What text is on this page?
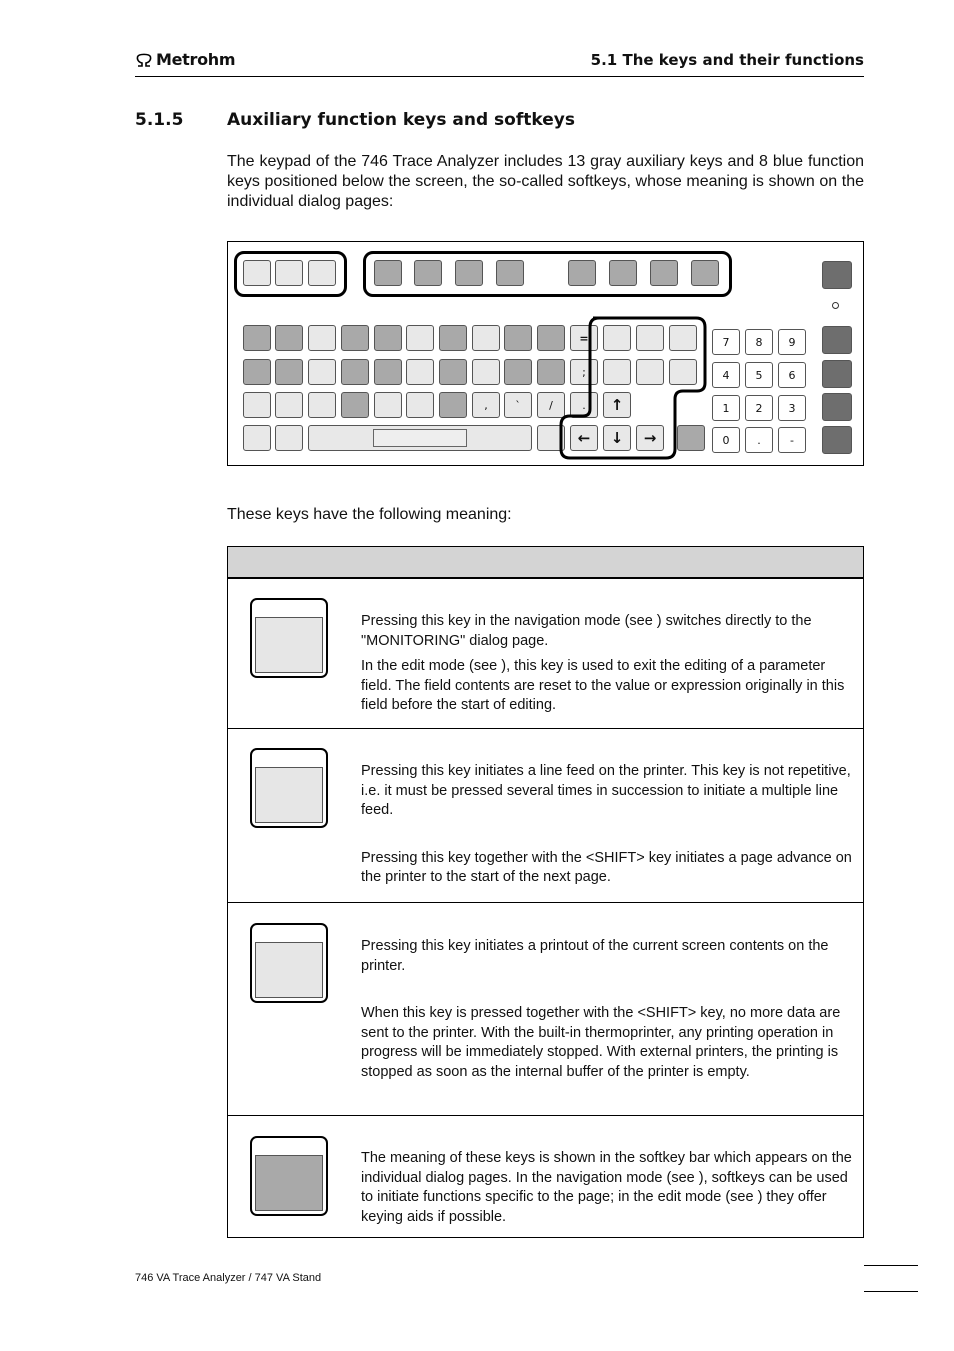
Metrohm	5.1 The keys and their functions
5.1.5	Auxiliary function keys and softkeys
The keypad of the 746 Trace Analyzer includes 13 gray auxiliary keys and 8 blue function keys positioned below the screen, the so-called softkeys, whose meaning is shown on the individual dialog pages:
=
;
,	`	/	.	↑
←	↓	→
7	8	9
4	5	6
1	2	3
0	.	-
These keys have the following meaning:

Pressing this key in the navigation mode (see ) switches directly to the "MONITORING" dialog page.

In the edit mode (see ), this key is used to exit the editing of a parameter field. The field contents are reset to the value or expression originally in this field before the start of editing.

Pressing this key initiates a line feed on the printer. This key is not repetitive, i.e. it must be pressed several times in succession to initiate a multiple line feed.

Pressing this key together with the <SHIFT> key initiates a page advance on the printer to the start of the next page.

Pressing this key initiates a printout of the current screen contents on the printer.

When this key is pressed together with the <SHIFT> key, no more data are sent to the printer. With the built-in thermoprinter, any printing operation in progress will be immediately stopped. With external printers, the printing is stopped as soon as the internal buffer of the printer is empty.

The meaning of these keys is shown in the softkey bar which appears on the individual dialog pages. In the navigation mode (see ), softkeys can be used to initiate functions specific to the page; in the edit mode (see ) they offer keying aids if possible.

746 VA Trace Analyzer / 747 VA Stand
